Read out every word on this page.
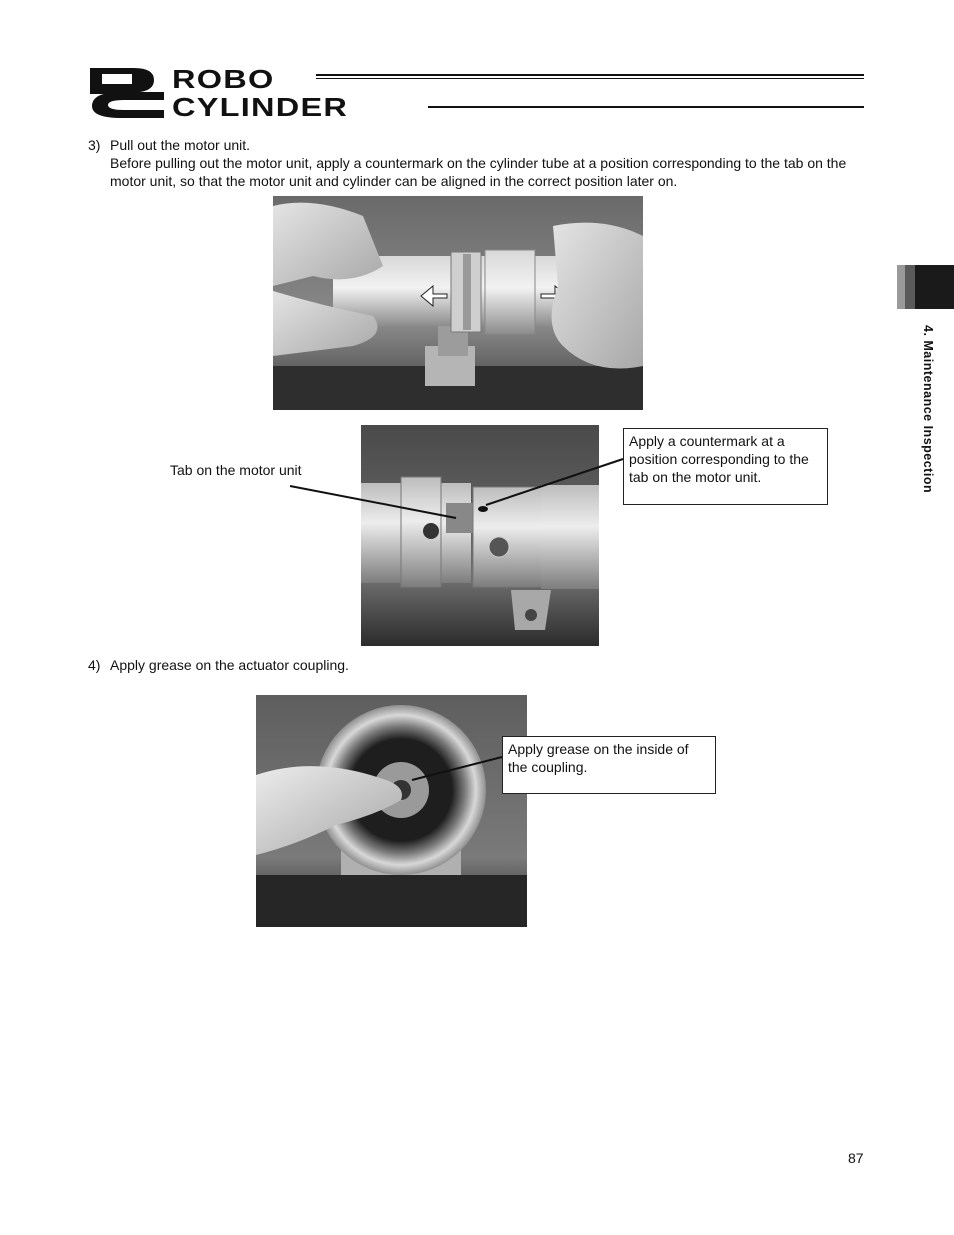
ROBO
CYLINDER
3) Pull out the motor unit.
Before pulling out the motor unit, apply a countermark on the cylinder tube at a position corresponding to the tab on the motor unit, so that the motor unit and cylinder can be aligned in the correct position later on.
Tab on the motor unit
Apply a countermark at a position corresponding to the tab on the motor unit.
4) Apply grease on the actuator coupling.
Apply grease on the inside of the coupling.
4. Maintenance Inspection
87
